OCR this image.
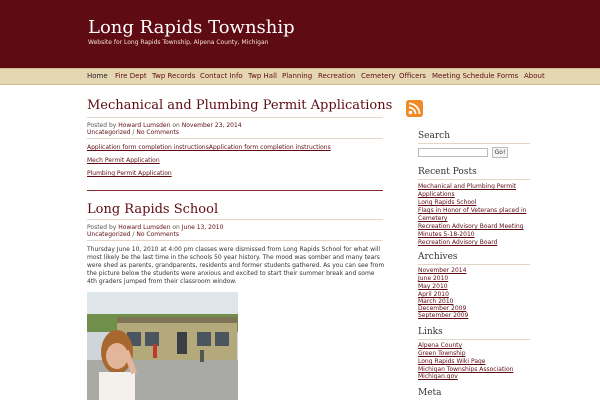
Long Rapids Township
Website for Long Rapids Township, Alpena County, Michigan
Home Fire Dept Twp Records Contact Info Twp Hall Planning Recreation Cemetery Officers Meeting Schedule Forms About
Mechanical and Plumbing Permit Applications
Posted by Howard Lumsden on November 23, 2014
Uncategorized / No Comments
Application form completion instructionsApplication form completion instructions
Mech Permit Application
Plumbing Permit Application
Long Rapids School
Posted by Howard Lumsden on June 13, 2010
Uncategorized / No Comments
Thursday June 10, 2010 at 4:00 pm classes were dismissed from Long Rapids School for what will most likely be the last time in the schools 50 year history. The mood was somber and many tears were shed as parents, grandparents, residents and former students gathered. As you can see from the picture below the students were anxious and excited to start their summer break and some 4th graders jumped from their classroom window.
Search
Go!
Recent Posts
Mechanical and Plumbing Permit
Applications
Long Rapids School
Flags in Honor of Veterans placed in
Cemetery
Recreation Advisory Board Meeting
Minutes 5-18-2010
Recreation Advisory Board
Archives
November 2014
June 2010
May 2010
April 2010
March 2010
December 2009
September 2009
Links
Alpena County
Green Township
Long Rapids Wiki Page
Michigan Townships Association
Michigan.gov
Meta
